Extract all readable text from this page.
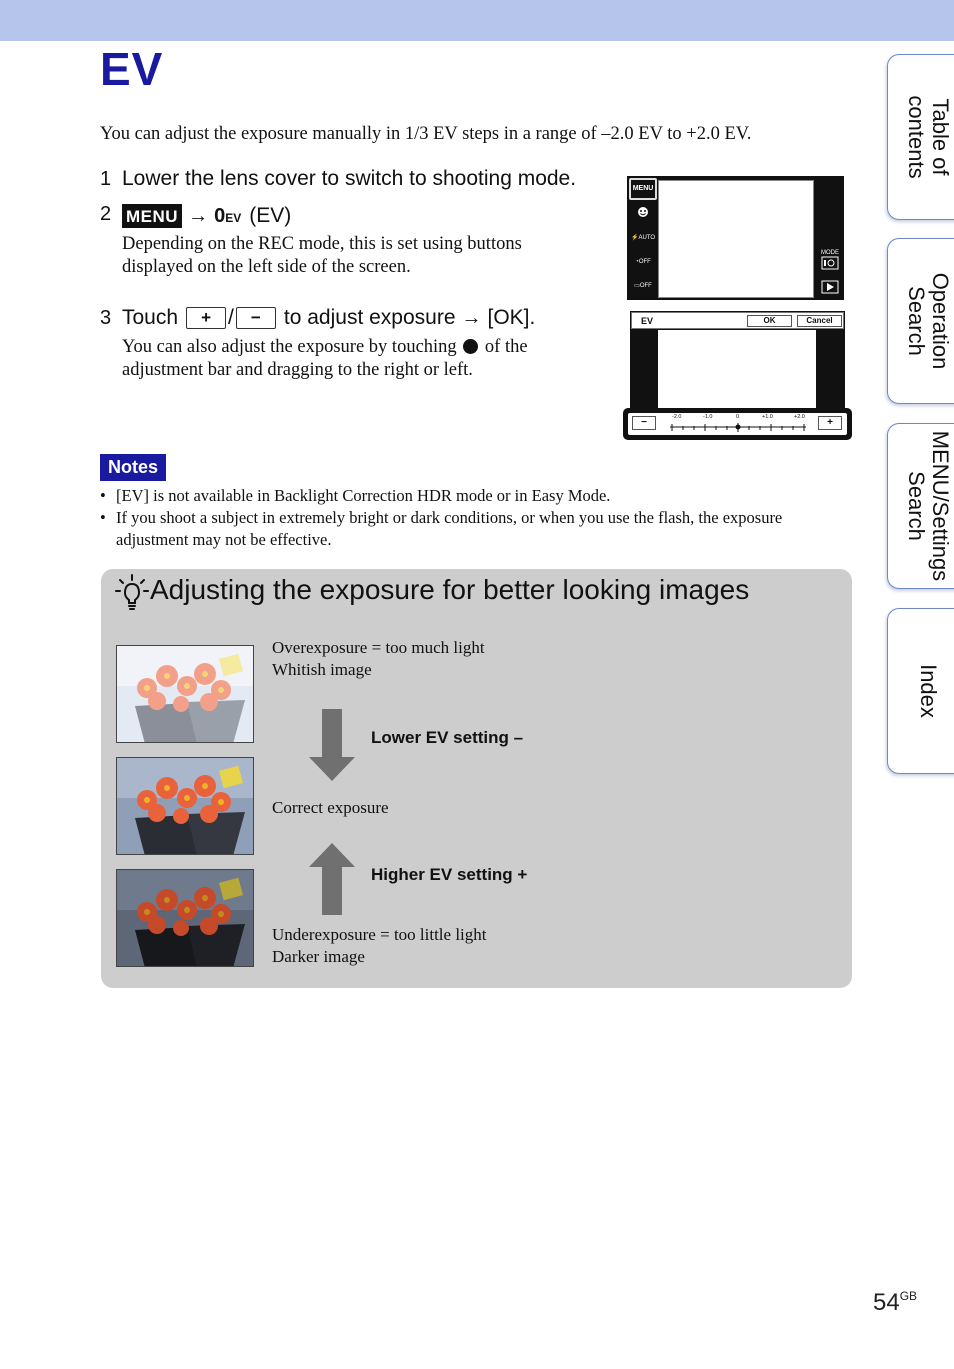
EV

You can adjust the exposure manually in 1/3 EV steps in a range of –2.0 EV to +2.0 EV.

1 Lower the lens cover to switch to shooting mode.
2 MENU → 0EV (EV)

Depending on the REC mode, this is set using buttons displayed on the left side of the screen.

3 Touch	+ /	−	to adjust exposure → [OK].

You can also adjust the exposure by touching of the adjustment bar and dragging to the right or left.

MENU
⚡AUTO
◔OFF
▭OFF
MODE
EV	OK	Cancel
−	-2.0	-1.0	0	+1.0	+2.0	+
Notes
• [EV] is not available in Backlight Correction HDR mode or in Easy Mode.
• If you shoot a subject in extremely bright or dark conditions, or when you use the flash, the exposure adjustment may not be effective.
Adjusting the exposure for better looking images

Overexposure = too much light
Whitish image

Lower EV setting –

Correct exposure

Higher EV setting +

Underexposure = too little light
Darker image

Table of contents
Operation Search
MENU/Settings Search
Index
$54^{GB}$
